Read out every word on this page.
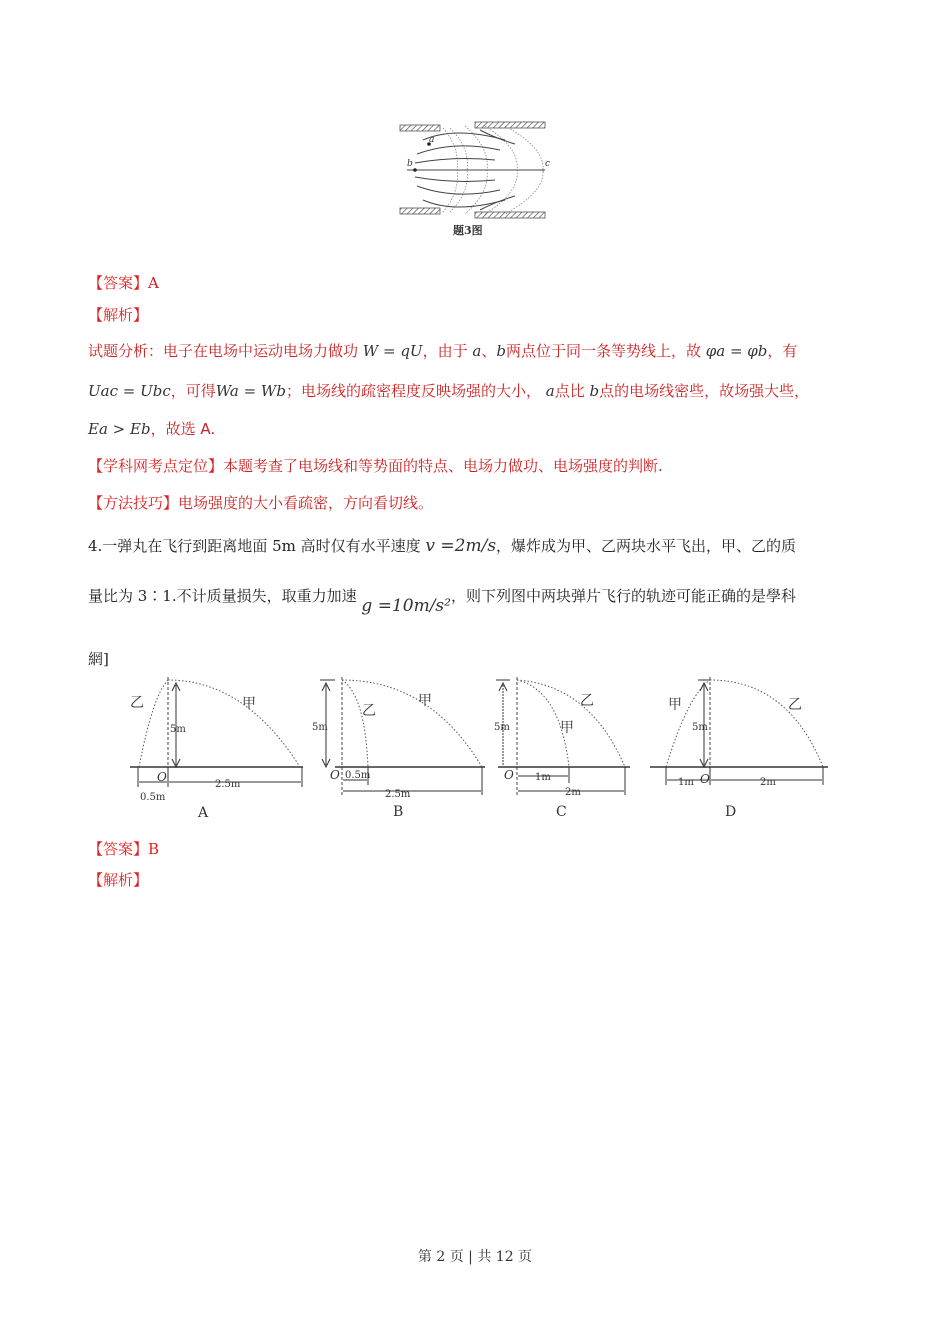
a
b	c
题3图
【答案】A
【解析】
试题分析：电子在电场中运动电场力做功 W = qU，由于 a、b两点位于同一条等势线上，故 φa = φb，有
Uac = Ubc，可得Wa = Wb；电场线的疏密程度反映场强的大小， a点比 b点的电场线密些，故场强大些，
Ea > Eb，故选 A.
【学科网考点定位】本题考查了电场线和等势面的特点、电场力做功、电场强度的判断.
【方法技巧】电场强度的大小看疏密，方向看切线。
4.一弹丸在飞行到距离地面 5m 高时仅有水平速度 v =2m/s，爆炸成为甲、乙两块水平飞出，甲、乙的质
量比为 3∶1.不计质量损失，取重力加速 g =10m/s²，则下列图中两块弹片飞行的轨迹可能正确的是學科
網]
乙	甲
5m
O
0.5m
2.5m
A
乙
甲
5m
O 0.5m
2.5m
B
甲
乙
5m
O 1m
2m
C
甲	乙
5m
O
1m	2m
D
【答案】B
【解析】
第 2 页 | 共 12 页
